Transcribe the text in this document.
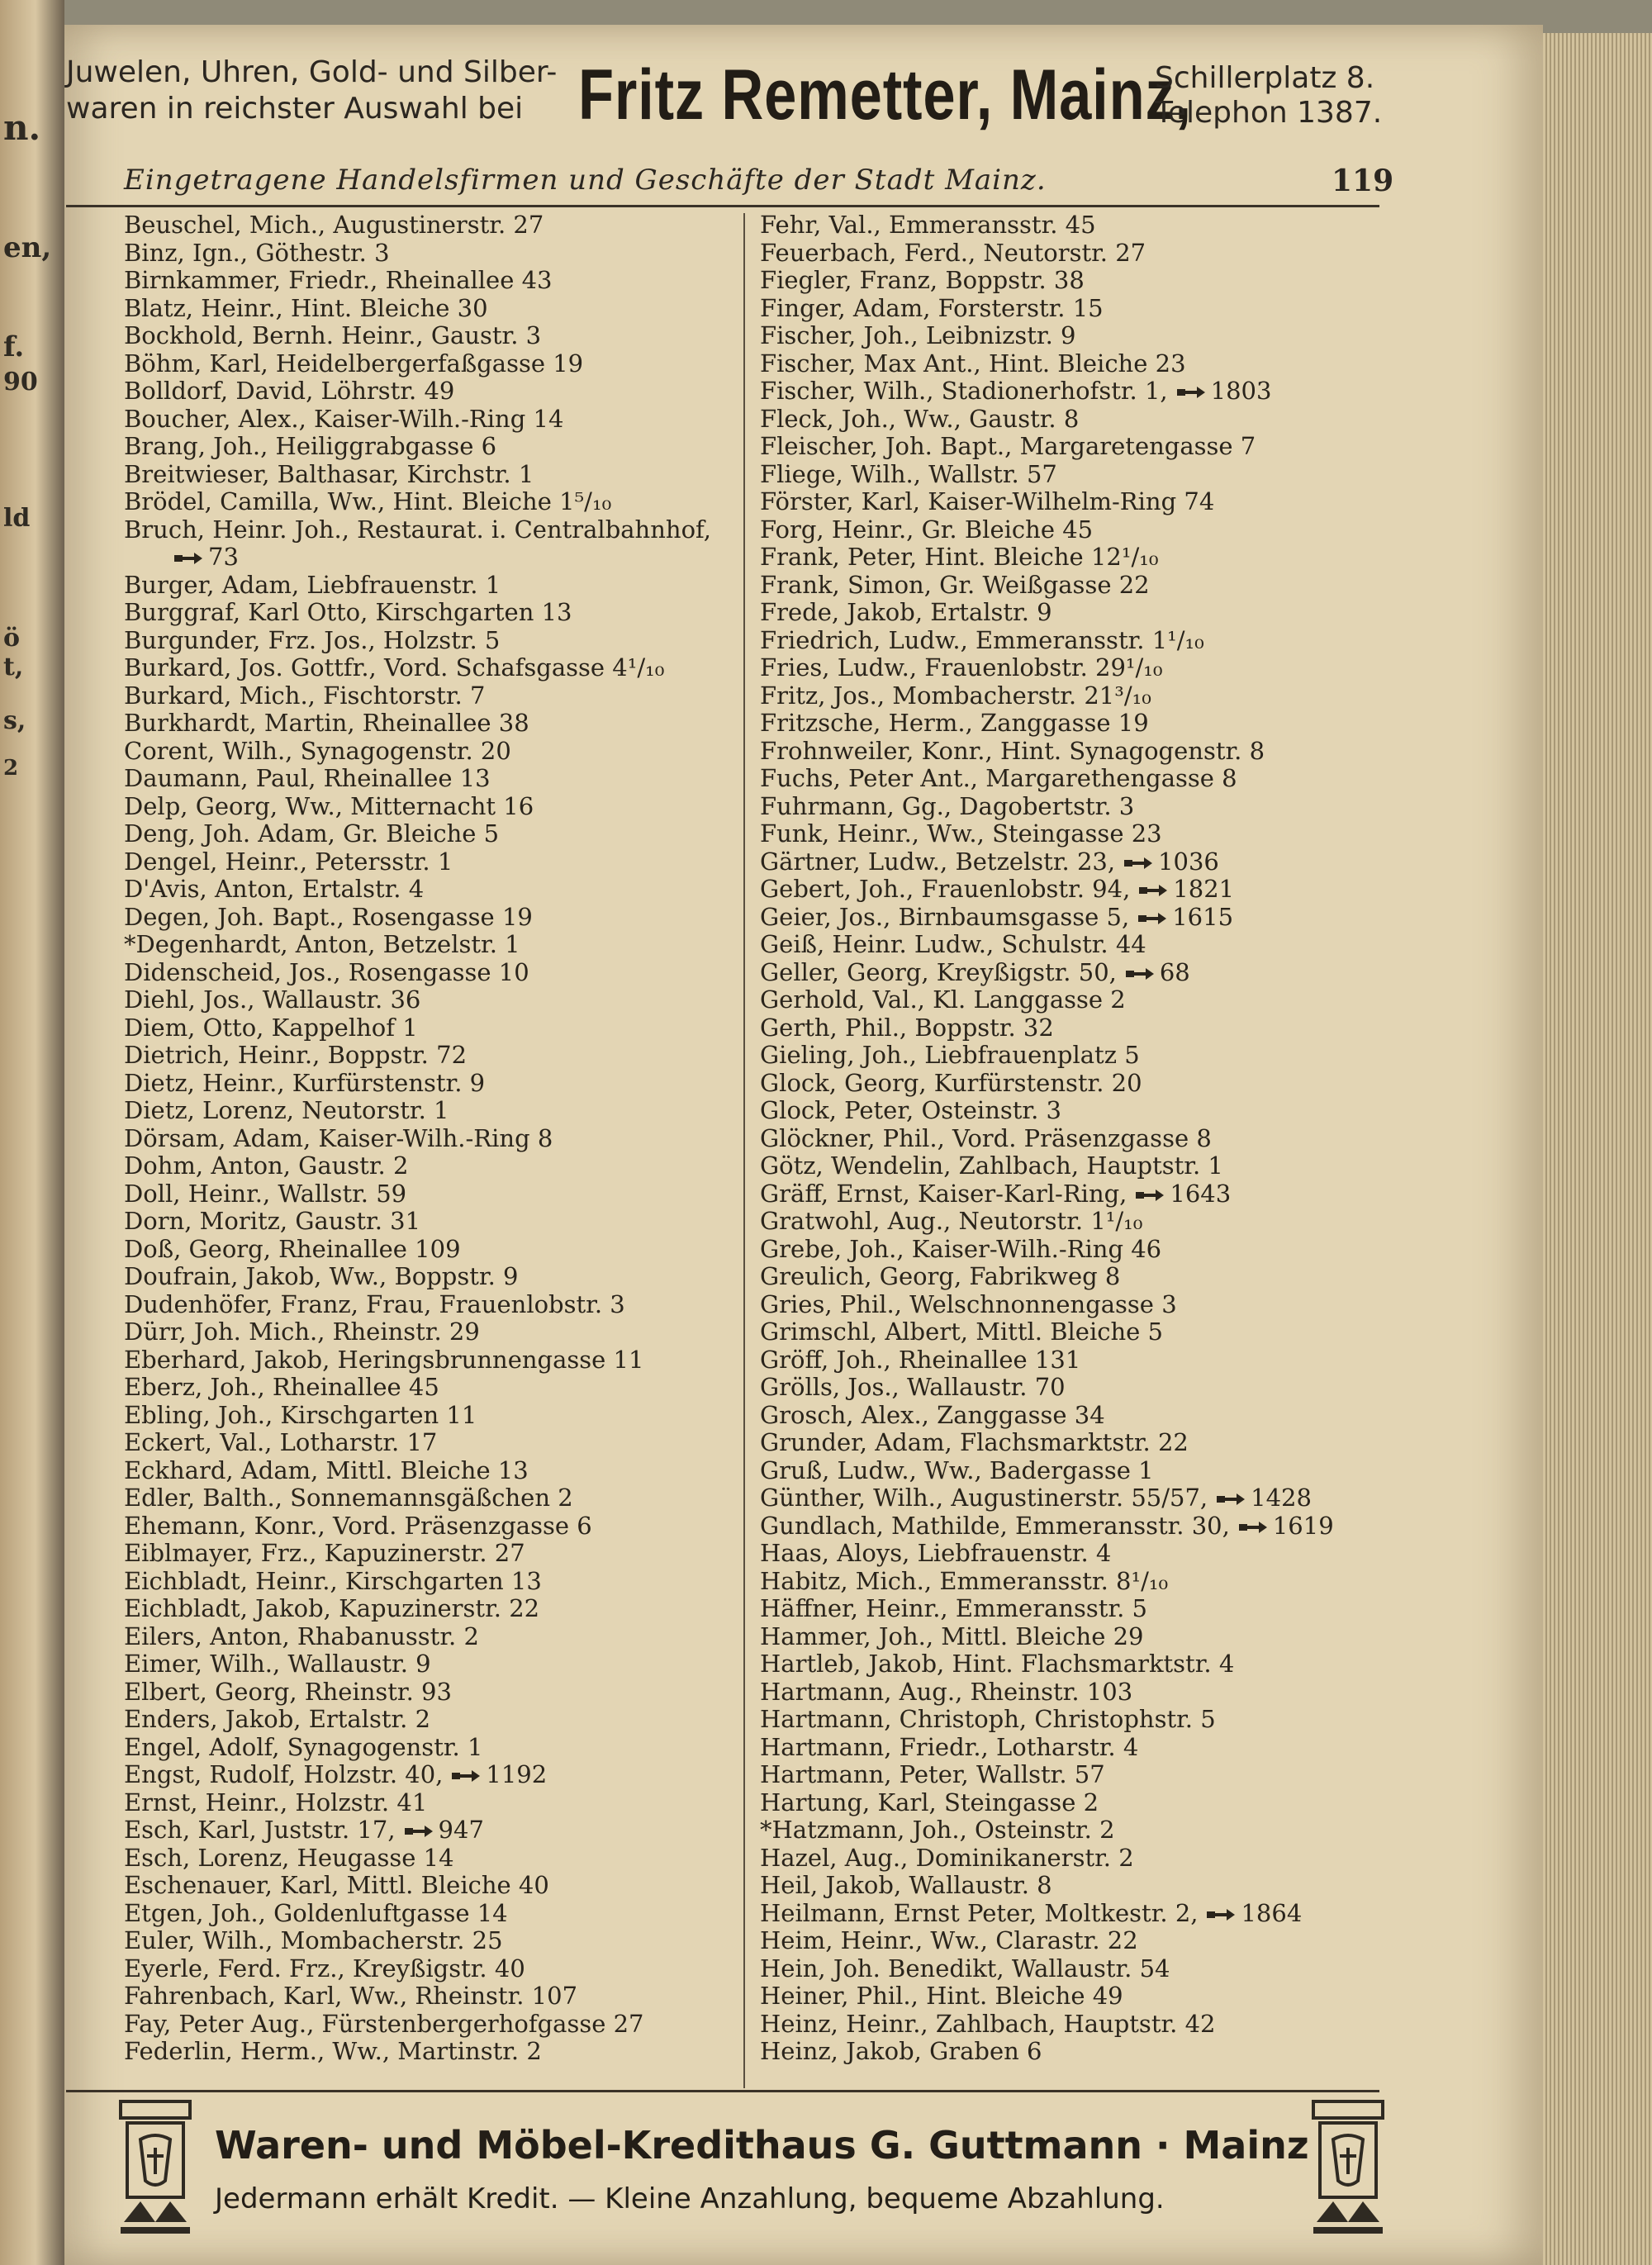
n.
en,
f.
90
ld
ö
t,
s,
2
Juwelen, Uhren, Gold- und Silber-
waren in reichster Auswahl bei Fritz Remetter, Mainz,
Schillerplatz 8.
Telephon 1387.
Eingetragene Handelsfirmen und Geschäfte der Stadt Mainz.	119
Beuschel, Mich., Augustinerstr. 27
Binz, Ign., Göthestr. 3
Birnkammer, Friedr., Rheinallee 43
Blatz, Heinr., Hint. Bleiche 30
Bockhold, Bernh. Heinr., Gaustr. 3
Böhm, Karl, Heidelbergerfaßgasse 19
Bolldorf, David, Löhrstr. 49
Boucher, Alex., Kaiser-Wilh.-Ring 14
Brang, Joh., Heiliggrabgasse 6
Breitwieser, Balthasar, Kirchstr. 1
Brödel, Camilla, Ww., Hint. Bleiche 1⁵/₁₀
Bruch, Heinr. Joh., Restaurat. i. Centralbahnhof,
73
Burger, Adam, Liebfrauenstr. 1
Burggraf, Karl Otto, Kirschgarten 13
Burgunder, Frz. Jos., Holzstr. 5
Burkard, Jos. Gottfr., Vord. Schafsgasse 4¹/₁₀
Burkard, Mich., Fischtorstr. 7
Burkhardt, Martin, Rheinallee 38
Corent, Wilh., Synagogenstr. 20
Daumann, Paul, Rheinallee 13
Delp, Georg, Ww., Mitternacht 16
Deng, Joh. Adam, Gr. Bleiche 5
Dengel, Heinr., Petersstr. 1
D'Avis, Anton, Ertalstr. 4
Degen, Joh. Bapt., Rosengasse 19
*Degenhardt, Anton, Betzelstr. 1
Didenscheid, Jos., Rosengasse 10
Diehl, Jos., Wallaustr. 36
Diem, Otto, Kappelhof 1
Dietrich, Heinr., Boppstr. 72
Dietz, Heinr., Kurfürstenstr. 9
Dietz, Lorenz, Neutorstr. 1
Dörsam, Adam, Kaiser-Wilh.-Ring 8
Dohm, Anton, Gaustr. 2
Doll, Heinr., Wallstr. 59
Dorn, Moritz, Gaustr. 31
Doß, Georg, Rheinallee 109
Doufrain, Jakob, Ww., Boppstr. 9
Dudenhöfer, Franz, Frau, Frauenlobstr. 3
Dürr, Joh. Mich., Rheinstr. 29
Eberhard, Jakob, Heringsbrunnengasse 11
Eberz, Joh., Rheinallee 45
Ebling, Joh., Kirschgarten 11
Eckert, Val., Lotharstr. 17
Eckhard, Adam, Mittl. Bleiche 13
Edler, Balth., Sonnemannsgäßchen 2
Ehemann, Konr., Vord. Präsenzgasse 6
Eiblmayer, Frz., Kapuzinerstr. 27
Eichbladt, Heinr., Kirschgarten 13
Eichbladt, Jakob, Kapuzinerstr. 22
Eilers, Anton, Rhabanusstr. 2
Eimer, Wilh., Wallaustr. 9
Elbert, Georg, Rheinstr. 93
Enders, Jakob, Ertalstr. 2
Engel, Adolf, Synagogenstr. 1
Engst, Rudolf, Holzstr. 40, 1192
Ernst, Heinr., Holzstr. 41
Esch, Karl, Juststr. 17, 947
Esch, Lorenz, Heugasse 14
Eschenauer, Karl, Mittl. Bleiche 40
Etgen, Joh., Goldenluftgasse 14
Euler, Wilh., Mombacherstr. 25
Eyerle, Ferd. Frz., Kreyßigstr. 40
Fahrenbach, Karl, Ww., Rheinstr. 107
Fay, Peter Aug., Fürstenbergerhofgasse 27
Federlin, Herm., Ww., Martinstr. 2
Fehr, Val., Emmeransstr. 45
Feuerbach, Ferd., Neutorstr. 27
Fiegler, Franz, Boppstr. 38
Finger, Adam, Forsterstr. 15
Fischer, Joh., Leibnizstr. 9
Fischer, Max Ant., Hint. Bleiche 23
Fischer, Wilh., Stadionerhofstr. 1, 1803
Fleck, Joh., Ww., Gaustr. 8
Fleischer, Joh. Bapt., Margaretengasse 7
Fliege, Wilh., Wallstr. 57
Förster, Karl, Kaiser-Wilhelm-Ring 74
Forg, Heinr., Gr. Bleiche 45
Frank, Peter, Hint. Bleiche 12¹/₁₀
Frank, Simon, Gr. Weißgasse 22
Frede, Jakob, Ertalstr. 9
Friedrich, Ludw., Emmeransstr. 1¹/₁₀
Fries, Ludw., Frauenlobstr. 29¹/₁₀
Fritz, Jos., Mombacherstr. 21³/₁₀
Fritzsche, Herm., Zanggasse 19
Frohnweiler, Konr., Hint. Synagogenstr. 8
Fuchs, Peter Ant., Margarethengasse 8
Fuhrmann, Gg., Dagobertstr. 3
Funk, Heinr., Ww., Steingasse 23
Gärtner, Ludw., Betzelstr. 23, 1036
Gebert, Joh., Frauenlobstr. 94, 1821
Geier, Jos., Birnbaumsgasse 5, 1615
Geiß, Heinr. Ludw., Schulstr. 44
Geller, Georg, Kreyßigstr. 50, 68
Gerhold, Val., Kl. Langgasse 2
Gerth, Phil., Boppstr. 32
Gieling, Joh., Liebfrauenplatz 5
Glock, Georg, Kurfürstenstr. 20
Glock, Peter, Osteinstr. 3
Glöckner, Phil., Vord. Präsenzgasse 8
Götz, Wendelin, Zahlbach, Hauptstr. 1
Gräff, Ernst, Kaiser-Karl-Ring, 1643
Gratwohl, Aug., Neutorstr. 1¹/₁₀
Grebe, Joh., Kaiser-Wilh.-Ring 46
Greulich, Georg, Fabrikweg 8
Gries, Phil., Welschnonnengasse 3
Grimschl, Albert, Mittl. Bleiche 5
Gröff, Joh., Rheinallee 131
Grölls, Jos., Wallaustr. 70
Grosch, Alex., Zanggasse 34
Grunder, Adam, Flachsmarktstr. 22
Gruß, Ludw., Ww., Badergasse 1
Günther, Wilh., Augustinerstr. 55/57, 1428
Gundlach, Mathilde, Emmeransstr. 30, 1619
Haas, Aloys, Liebfrauenstr. 4
Habitz, Mich., Emmeransstr. 8¹/₁₀
Häffner, Heinr., Emmeransstr. 5
Hammer, Joh., Mittl. Bleiche 29
Hartleb, Jakob, Hint. Flachsmarktstr. 4
Hartmann, Aug., Rheinstr. 103
Hartmann, Christoph, Christophstr. 5
Hartmann, Friedr., Lotharstr. 4
Hartmann, Peter, Wallstr. 57
Hartung, Karl, Steingasse 2
*Hatzmann, Joh., Osteinstr. 2
Hazel, Aug., Dominikanerstr. 2
Heil, Jakob, Wallaustr. 8
Heilmann, Ernst Peter, Moltkestr. 2, 1864
Heim, Heinr., Ww., Clarastr. 22
Hein, Joh. Benedikt, Wallaustr. 54
Heiner, Phil., Hint. Bleiche 49
Heinz, Heinr., Zahlbach, Hauptstr. 42
Heinz, Jakob, Graben 6
Waren- und Möbel-Kredithaus G. Guttmann · Mainz
Jedermann erhält Kredit. — Kleine Anzahlung, bequeme Abzahlung.
